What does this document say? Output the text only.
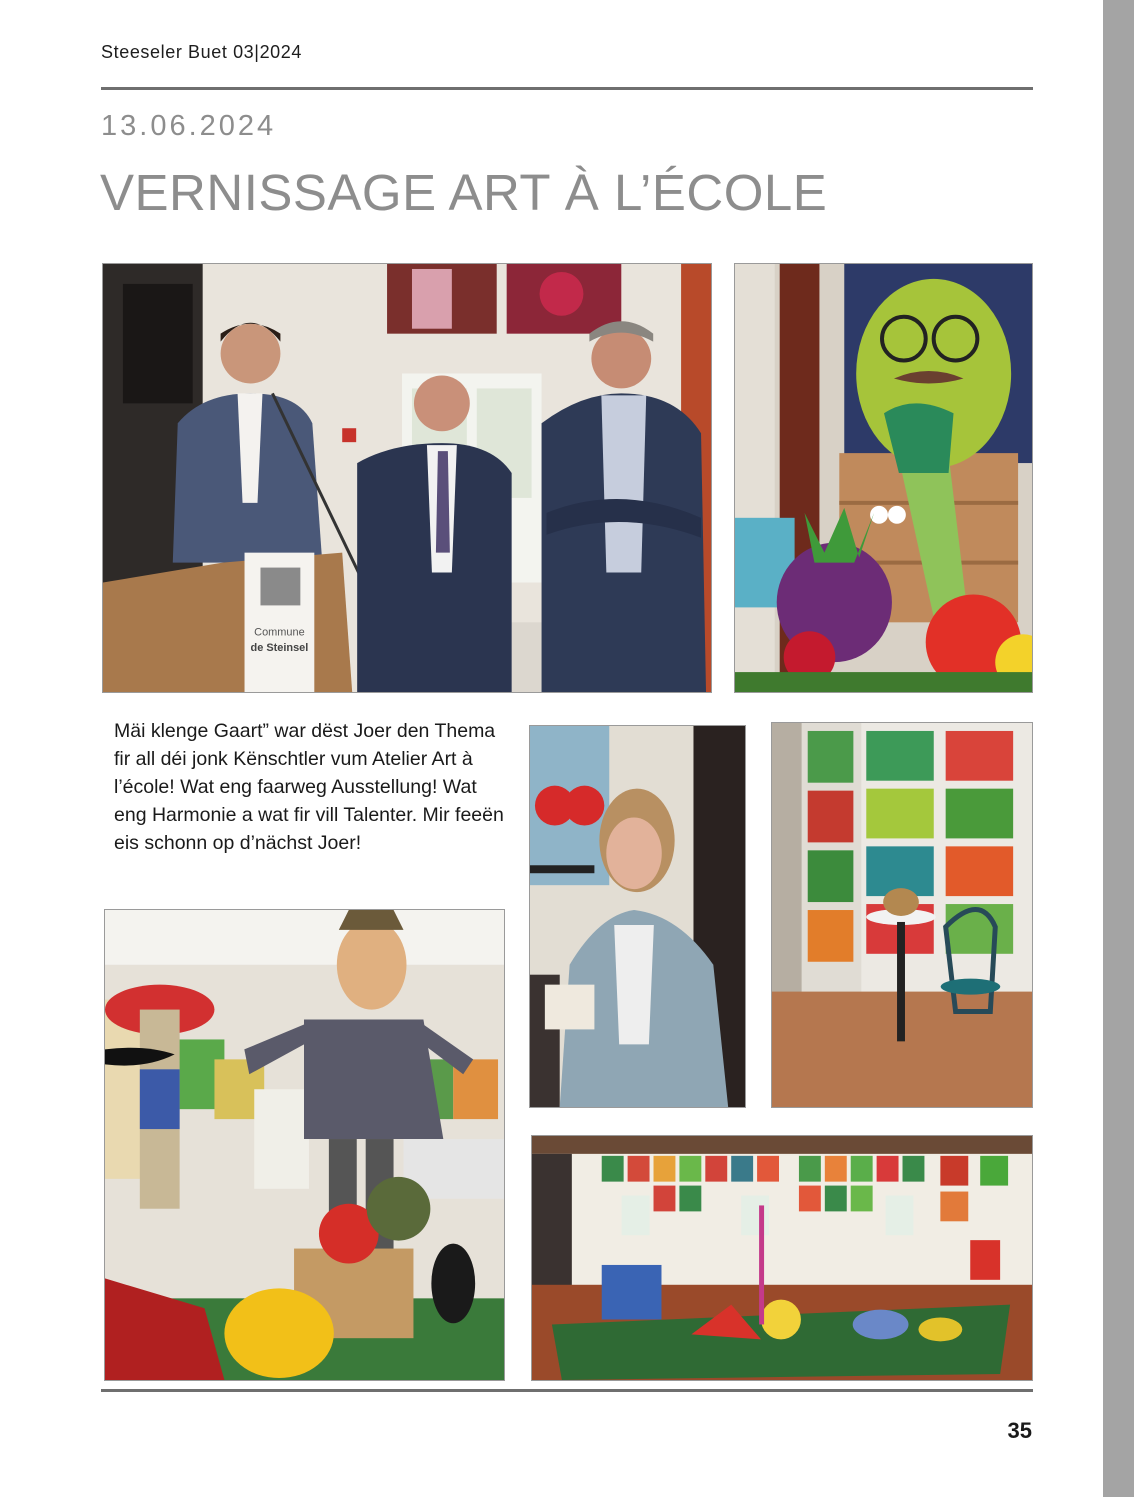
Steeseler Buet 03|2024
13.06.2024
VERNISSAGE ART À L’ÉCOLE
Commune
de Steinsel
Mäi klenge Gaart” war dëst Joer den Thema fir all déi jonk Kënschtler vum Atelier Art à l’école! Wat eng faarweg Ausstellung! Wat eng Harmonie a wat fir vill Talenter. Mir feeën eis schonn op d’nächst Joer!
35
